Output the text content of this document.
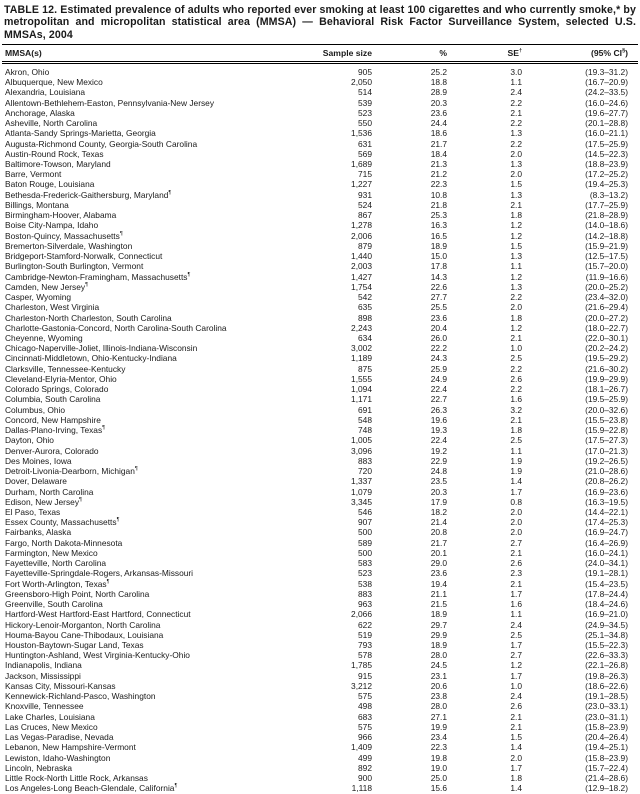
TABLE 12. Estimated prevalence of adults who reported ever smoking at least 100 cigarettes and who currently smoke,* by metropolitan and micropolitan statistical area (MMSA) — Behavioral Risk Factor Surveillance System, selected U.S. MMSAs, 2004
MMSA(s)	Sample size	%	SE†	(95% CI§)
Akron, Ohio	905	25.2	3.0	(19.3–31.2)
Albuquerque, New Mexico	2,050	18.8	1.1	(16.7–20.9)
Alexandria, Louisiana	514	28.9	2.4	(24.2–33.5)
Allentown-Bethlehem-Easton, Pennsylvania-New Jersey	539	20.3	2.2	(16.0–24.6)
Anchorage, Alaska	523	23.6	2.1	(19.6–27.7)
Asheville, North Carolina	550	24.4	2.2	(20.1–28.8)
Atlanta-Sandy Springs-Marietta, Georgia	1,536	18.6	1.3	(16.0–21.1)
Augusta-Richmond County, Georgia-South Carolina	631	21.7	2.2	(17.5–25.9)
Austin-Round Rock, Texas	569	18.4	2.0	(14.5–22.3)
Baltimore-Towson, Maryland	1,689	21.3	1.3	(18.8–23.9)
Barre, Vermont	715	21.2	2.0	(17.2–25.2)
Baton Rouge, Louisiana	1,227	22.3	1.5	(19.4–25.3)
Bethesda-Frederick-Gaithersburg, Maryland¶	931	10.8	1.3	(8.3–13.2)
Billings, Montana	524	21.8	2.1	(17.7–25.9)
Birmingham-Hoover, Alabama	867	25.3	1.8	(21.8–28.9)
Boise City-Nampa, Idaho	1,278	16.3	1.2	(14.0–18.6)
Boston-Quincy, Massachusetts¶	2,006	16.5	1.2	(14.2–18.8)
Bremerton-Silverdale, Washington	879	18.9	1.5	(15.9–21.9)
Bridgeport-Stamford-Norwalk, Connecticut	1,440	15.0	1.3	(12.5–17.5)
Burlington-South Burlington, Vermont	2,003	17.8	1.1	(15.7–20.0)
Cambridge-Newton-Framingham, Massachusetts¶	1,427	14.3	1.2	(11.9–16.6)
Camden, New Jersey¶	1,754	22.6	1.3	(20.0–25.2)
Casper, Wyoming	542	27.7	2.2	(23.4–32.0)
Charleston, West Virginia	635	25.5	2.0	(21.6–29.4)
Charleston-North Charleston, South Carolina	898	23.6	1.8	(20.0–27.2)
Charlotte-Gastonia-Concord, North Carolina-South Carolina	2,243	20.4	1.2	(18.0–22.7)
Cheyenne, Wyoming	634	26.0	2.1	(22.0–30.1)
Chicago-Naperville-Joliet, Illinois-Indiana-Wisconsin	3,002	22.2	1.0	(20.2–24.2)
Cincinnati-Middletown, Ohio-Kentucky-Indiana	1,189	24.3	2.5	(19.5–29.2)
Clarksville, Tennessee-Kentucky	875	25.9	2.2	(21.6–30.2)
Cleveland-Elyria-Mentor, Ohio	1,555	24.9	2.6	(19.9–29.9)
Colorado Springs, Colorado	1,094	22.4	2.2	(18.1–26.7)
Columbia, South Carolina	1,171	22.7	1.6	(19.5–25.9)
Columbus, Ohio	691	26.3	3.2	(20.0–32.6)
Concord, New Hampshire	548	19.6	2.1	(15.5–23.8)
Dallas-Plano-Irving, Texas¶	748	19.3	1.8	(15.9–22.8)
Dayton, Ohio	1,005	22.4	2.5	(17.5–27.3)
Denver-Aurora, Colorado	3,096	19.2	1.1	(17.0–21.3)
Des Moines, Iowa	883	22.9	1.9	(19.2–26.5)
Detroit-Livonia-Dearborn, Michigan¶	720	24.8	1.9	(21.0–28.6)
Dover, Delaware	1,337	23.5	1.4	(20.8–26.2)
Durham, North Carolina	1,079	20.3	1.7	(16.9–23.6)
Edison, New Jersey¶	3,345	17.9	0.8	(16.3–19.5)
El Paso, Texas	546	18.2	2.0	(14.4–22.1)
Essex County, Massachusetts¶	907	21.4	2.0	(17.4–25.3)
Fairbanks, Alaska	500	20.8	2.0	(16.9–24.7)
Fargo, North Dakota-Minnesota	589	21.7	2.7	(16.4–26.9)
Farmington, New Mexico	500	20.1	2.1	(16.0–24.1)
Fayetteville, North Carolina	583	29.0	2.6	(24.0–34.1)
Fayetteville-Springdale-Rogers, Arkansas-Missouri	523	23.6	2.3	(19.1–28.1)
Fort Worth-Arlington, Texas¶	538	19.4	2.1	(15.4–23.5)
Greensboro-High Point, North Carolina	883	21.1	1.7	(17.8–24.4)
Greenville, South Carolina	963	21.5	1.6	(18.4–24.6)
Hartford-West Hartford-East Hartford, Connecticut	2,066	18.9	1.1	(16.9–21.0)
Hickory-Lenoir-Morganton, North Carolina	622	29.7	2.4	(24.9–34.5)
Houma-Bayou Cane-Thibodaux, Louisiana	519	29.9	2.5	(25.1–34.8)
Houston-Baytown-Sugar Land, Texas	793	18.9	1.7	(15.5–22.3)
Huntington-Ashland, West Virginia-Kentucky-Ohio	578	28.0	2.7	(22.6–33.3)
Indianapolis, Indiana	1,785	24.5	1.2	(22.1–26.8)
Jackson, Mississippi	915	23.1	1.7	(19.8–26.3)
Kansas City, Missouri-Kansas	3,212	20.6	1.0	(18.6–22.6)
Kennewick-Richland-Pasco, Washington	575	23.8	2.4	(19.1–28.5)
Knoxville, Tennessee	498	28.0	2.6	(23.0–33.1)
Lake Charles, Louisiana	683	27.1	2.1	(23.0–31.1)
Las Cruces, New Mexico	575	19.9	2.1	(15.8–23.9)
Las Vegas-Paradise, Nevada	966	23.4	1.5	(20.4–26.4)
Lebanon, New Hampshire-Vermont	1,409	22.3	1.4	(19.4–25.1)
Lewiston, Idaho-Washington	499	19.8	2.0	(15.8–23.9)
Lincoln, Nebraska	892	19.0	1.7	(15.7–22.4)
Little Rock-North Little Rock, Arkansas	900	25.0	1.8	(21.4–28.6)
Los Angeles-Long Beach-Glendale, California¶	1,118	15.6	1.4	(12.9–18.2)
